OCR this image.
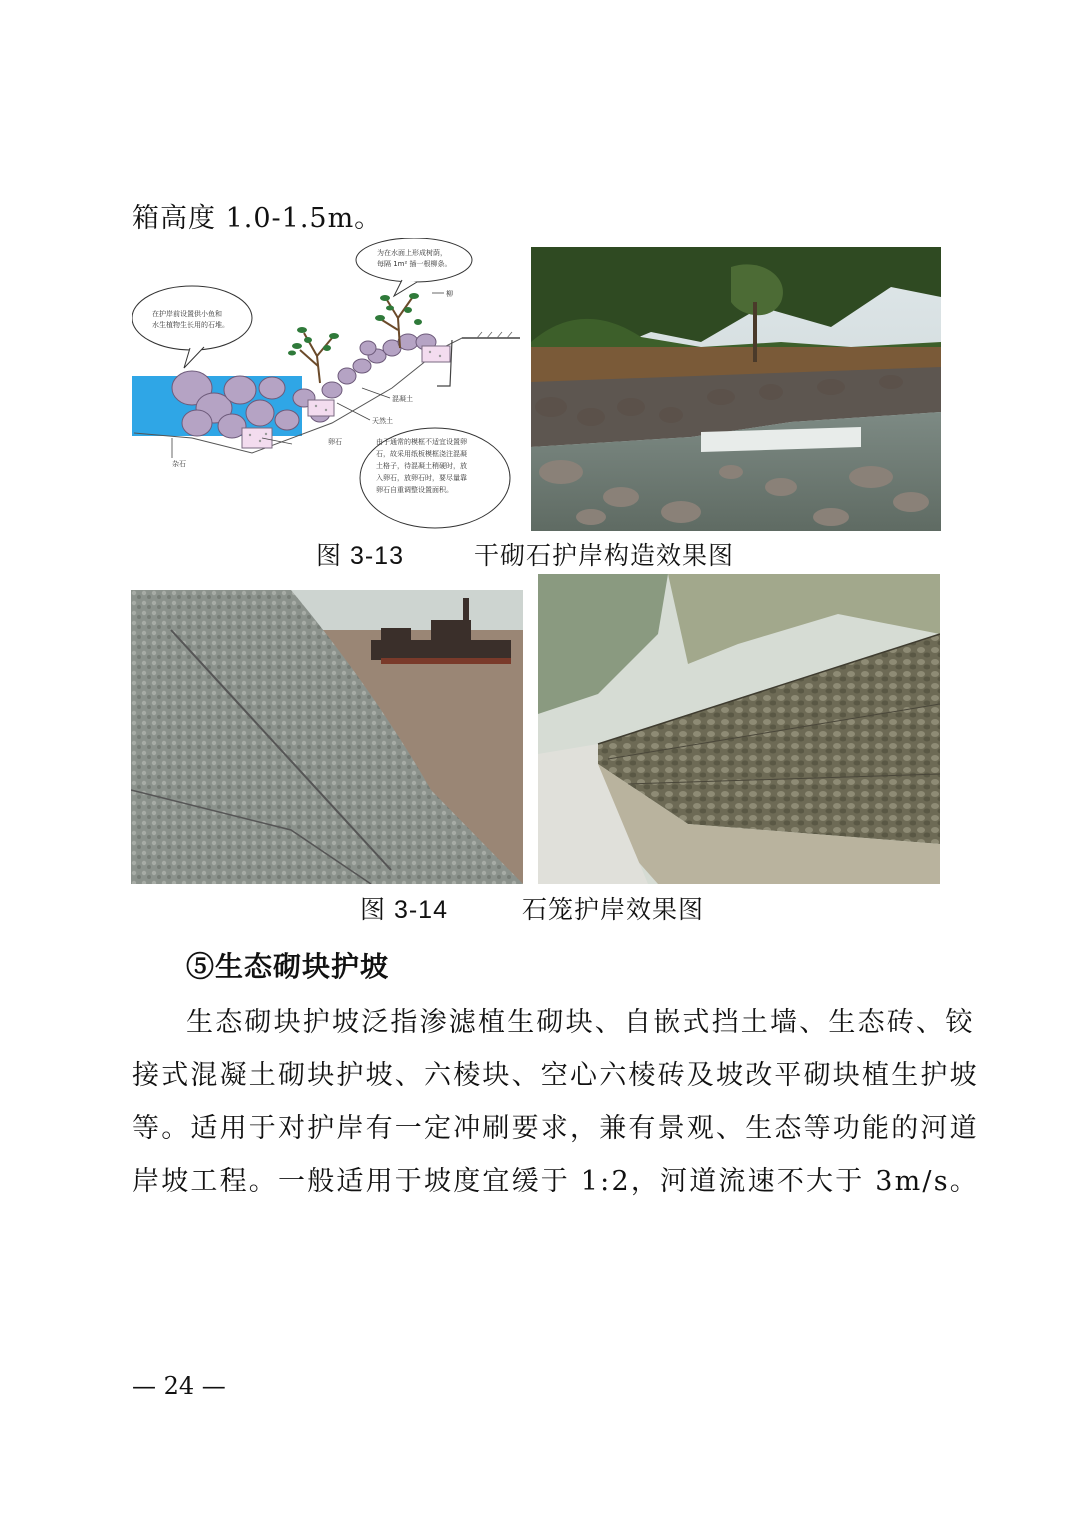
箱高度 1.0-1.5m。
为在水面上形成树荫，
每隔 1m² 插一根柳条。
在护岸前设置供小鱼和
水生植物生长用的石堆。
由于通常的模框不适宜设置卵
石，故采用纸板模框浇注混凝
土格子，待混凝土稍硬时，放
入卵石，放卵石时，要尽量靠
卵石自重调整设置面积。
柳
混凝土
天然土
卵石
杂石
图 3-13	干砌石护岸构造效果图
图 3-14	石笼护岸效果图
⑤生态砌块护坡
生态砌块护坡泛指渗滤植生砌块、自嵌式挡土墙、生态砖、铰
接式混凝土砌块护坡、六棱块、空心六棱砖及坡改平砌块植生护坡
等。适用于对护岸有一定冲刷要求，兼有景观、生态等功能的河道
岸坡工程。一般适用于坡度宜缓于 1:2，河道流速不大于 3m/s。
— 24 —
